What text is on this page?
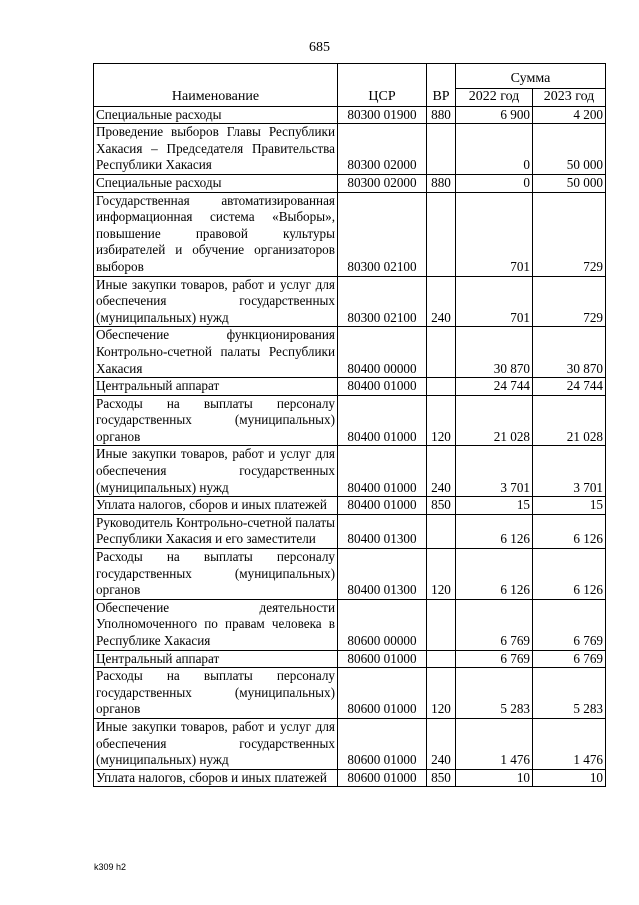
685
Наименование	ЦСР	ВР	Сумма	
			2022 год	2023 год
Специальные расходы	80300 01900	880	6 900	4 200
Проведение выборов Главы Республики Хакасия – Председателя Правительства Республики Хакасия	80300 02000		0	50 000
Специальные расходы	80300 02000	880	0	50 000
Государственная автоматизированная информационная система «Выборы», повышение правовой культуры избирателей и обучение организаторов выборов	80300 02100		701	729
Иные закупки товаров, работ и услуг для обеспечения государственных (муниципальных) нужд	80300 02100	240	701	729
Обеспечение функционирования Контрольно-счетной палаты Республики Хакасия	80400 00000		30 870	30 870
Центральный аппарат	80400 01000		24 744	24 744
Расходы на выплаты персоналу государственных (муниципальных) органов	80400 01000	120	21 028	21 028
Иные закупки товаров, работ и услуг для обеспечения государственных (муниципальных) нужд	80400 01000	240	3 701	3 701
Уплата налогов, сборов и иных платежей	80400 01000	850	15	15
Руководитель Контрольно-счетной палаты Республики Хакасия и его заместители	80400 01300		6 126	6 126
Расходы на выплаты персоналу государственных (муниципальных) органов	80400 01300	120	6 126	6 126
Обеспечение деятельности Уполномоченного по правам человека в Республике Хакасия	80600 00000		6 769	6 769
Центральный аппарат	80600 01000		6 769	6 769
Расходы на выплаты персоналу государственных (муниципальных) органов	80600 01000	120	5 283	5 283
Иные закупки товаров, работ и услуг для обеспечения государственных (муниципальных) нужд	80600 01000	240	1 476	1 476
Уплата налогов, сборов и иных платежей	80600 01000	850	10	10
k309 h2
